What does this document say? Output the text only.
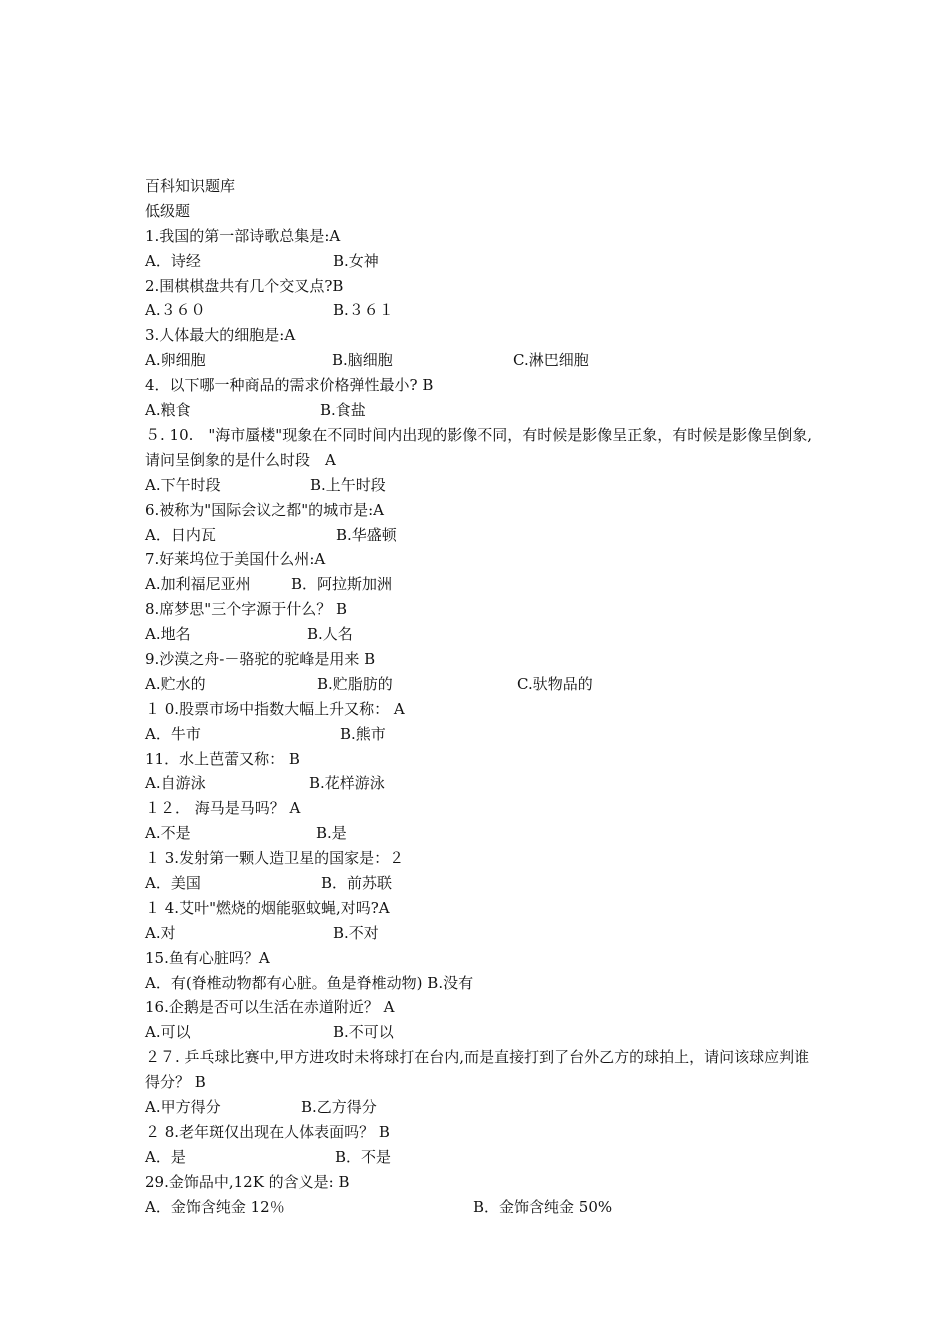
百科知识题库
低级题
1.我国的第一部诗歌总集是:A
A．诗经	B.女神
2.围棋棋盘共有几个交叉点?B
A.３６０	B.３６１
3.人体最大的细胞是:A
A.卵细胞	B.脑细胞	C.淋巴细胞
4．以下哪一种商品的需求价格弹性最小? B
A.粮食	B.食盐
５. 10.　"海市蜃楼"现象在不同时间内出现的影像不同，有时候是影像呈正象，有时候是影像呈倒象,请问呈倒象的是什么时段　A
A.下午时段	B.上午时段
6.被称为"国际会议之都"的城市是:A
A．日内瓦	B.华盛顿
7.好莱坞位于美国什么州:A
A.加利福尼亚州	B．阿拉斯加洲
8.席梦思"三个字源于什么？ B
A.地名	B.人名
9.沙漠之舟-－骆驼的驼峰是用来 B
A.贮水的	B.贮脂肪的	C.驮物品的
１ 0.股票市场中指数大幅上升又称： A
A．牛市	B.熊市
11．水上芭蕾又称： B
A.自游泳	B.花样游泳
１２． 海马是马吗？ A
A.不是	B.是
１ 3.发射第一颗人造卫星的国家是：２
A．美国	B．前苏联
１ 4.艾叶"燃烧的烟能驱蚊蝇,对吗?A
A.对	B.不对
15.鱼有心脏吗？A
A．有(脊椎动物都有心脏。鱼是脊椎动物) B.没有
16.企鹅是否可以生活在赤道附近？ A
A.可以	B.不可以
２７. 乒乓球比赛中,甲方进攻时未将球打在台内,而是直接打到了台外乙方的球拍上，请问该球应判谁得分？ B
A.甲方得分	B.乙方得分
２ 8.老年斑仅出现在人体表面吗？ B
A．是	B．不是
29.金饰品中,12K 的含义是: B
A．金饰含纯金 12％	B．金饰含纯金 50%
